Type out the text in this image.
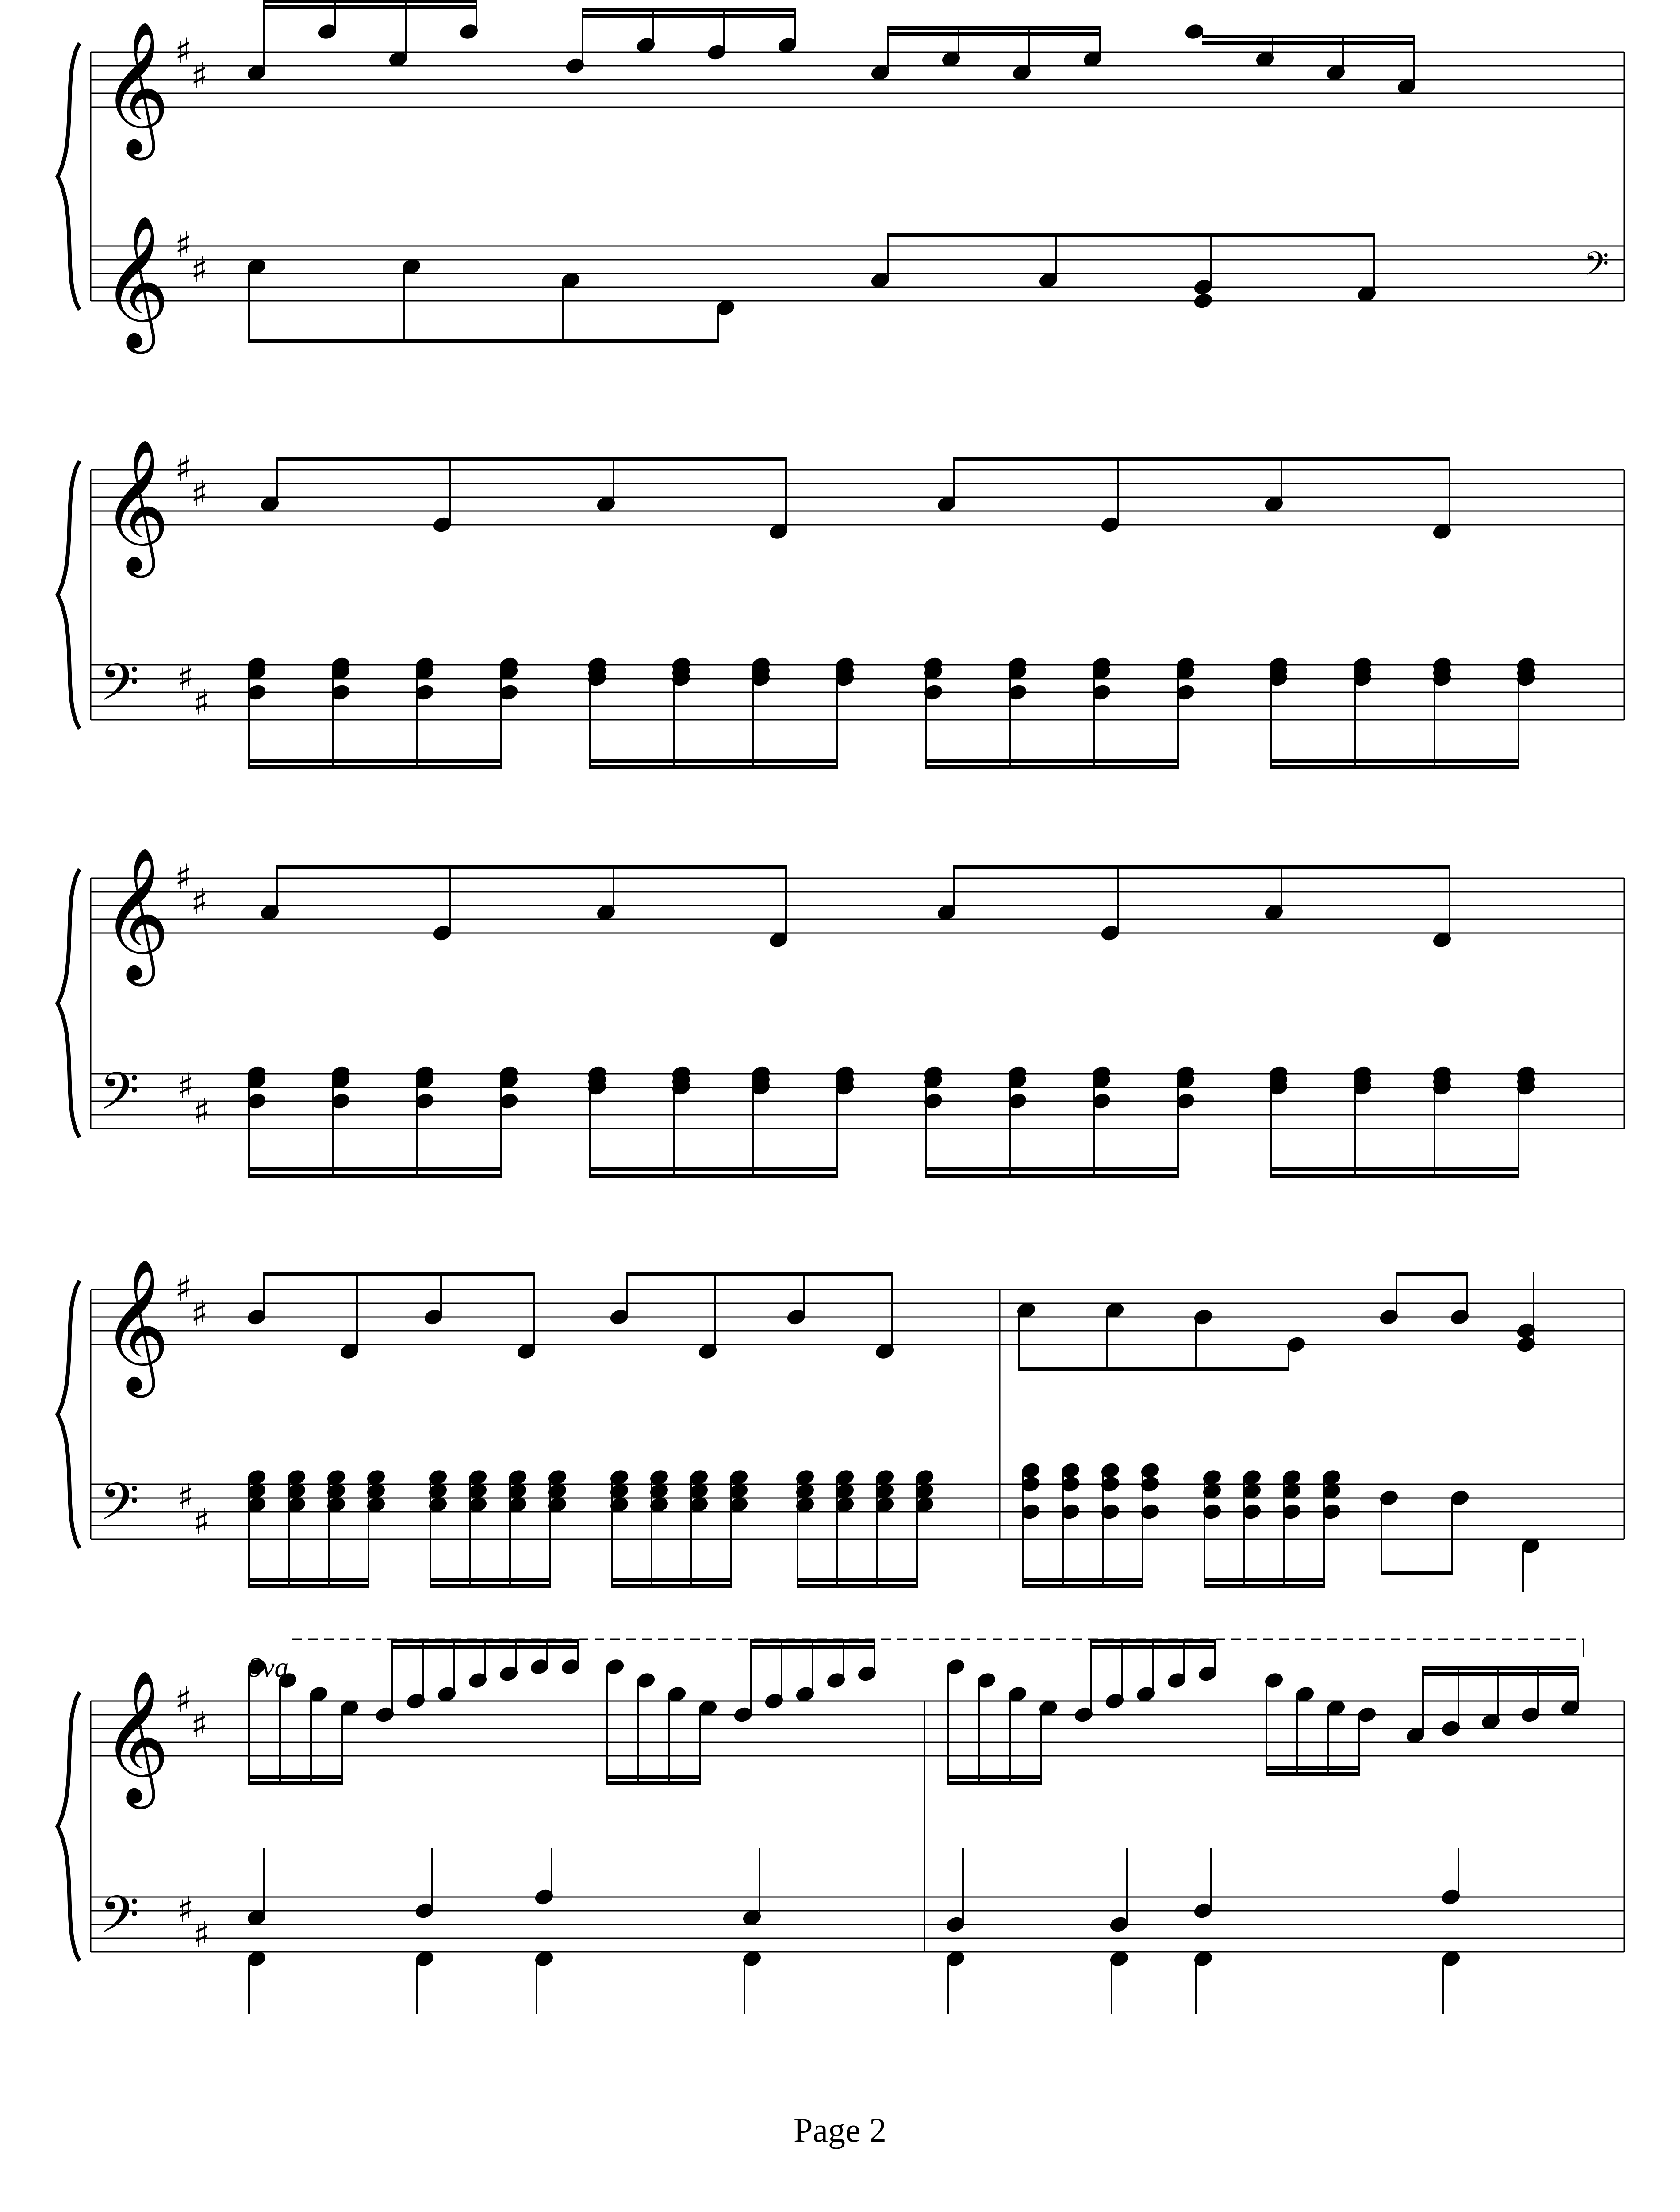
𝄞 ♯
♯
𝄞 ♯
♯	𝄢
𝄞 ♯
♯
𝄢 ♯
♯
𝄞 ♯
♯
𝄢 ♯
♯
𝄞 ♯
♯
𝄢 ♯
♯
𝄞 ♯
♯
𝄢 ♯
♯
8va
Page 2
